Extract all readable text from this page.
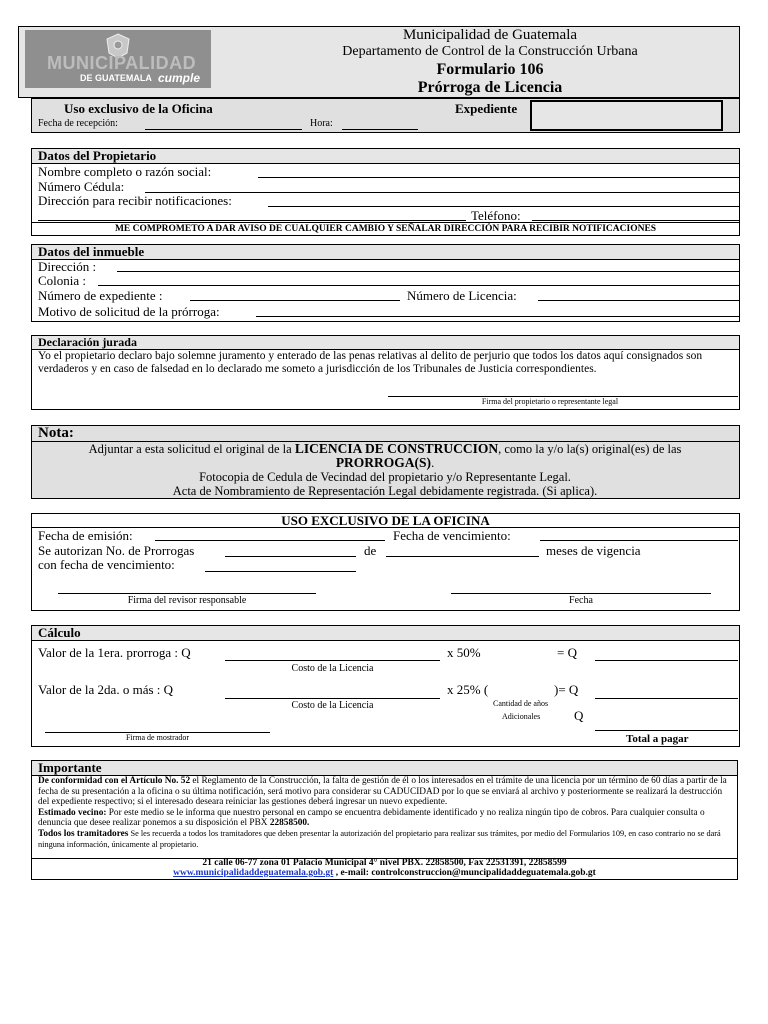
MUNICIPALIDAD
DE GUATEMALA cumple
Municipalidad de Guatemala
Departamento de Control de la Construcción Urbana
Formulario 106
Prórroga de Licencia
Uso exclusivo de la Oficina	Expediente
Fecha de recepción:	Hora:
Datos del Propietario
Nombre completo o razón social:
Número Cédula:
Dirección para recibir notificaciones:
Teléfono:
ME COMPROMETO A DAR AVISO DE CUALQUIER CAMBIO Y SEÑALAR DIRECCIÓN PARA RECIBIR NOTIFICACIONES
Datos del inmueble
Dirección :
Colonia :
Número de expediente :	Número de Licencia:
Motivo de solicitud de la prórroga:
Declaración jurada
Yo el propietario declaro bajo solemne juramento y enterado de las penas relativas al delito de perjurio que todos los datos aquí consignados son verdaderos y en caso de falsedad en lo declarado me someto a jurisdicción de los Tribunales de Justicia correspondientes.
Firma del propietario o representante legal
Nota:
Adjuntar a esta solicitud el original de la LICENCIA DE CONSTRUCCION, como la y/o la(s) original(es) de las PRORROGA(S).
Fotocopia de Cedula de Vecindad del propietario y/o Representante Legal.
Acta de Nombramiento de Representación Legal debidamente registrada. (Si aplica).
USO EXCLUSIVO DE LA OFICINA
Fecha de emisión:	Fecha de vencimiento:
Se autorizan No. de Prorrogas	de	meses de vigencia
con fecha de vencimiento:
Firma del revisor responsable	Fecha
Cálculo
Valor de la 1era. prorroga : Q	x 50%	= Q
Costo de la Licencia
Valor de la 2da. o más : Q	x 25% (	)= Q
Costo de la Licencia	Cantidad de años
Adicionales	Q
Firma de mostrador	Total a pagar
Importante
De conformidad con el Artículo No. 52 el Reglamento de la Construcción, la falta de gestión de él o los interesados en el trámite de una licencia por un término de 60 días a partir de la fecha de su presentación a la oficina o su última notificación, será motivo para considerar su CADUCIDAD por lo que se enviará al archivo y posteriormente se realizará la destrucción del expediente respectivo; si el interesado deseara reiniciar las gestiones deberá ingresar un nuevo expediente.
Estimado vecino: Por este medio se le informa que nuestro personal en campo se encuentra debidamente identificado y no realiza ningún tipo de cobros. Para cualquier consulta o denuncia que desee realizar ponemos a su disposición el PBX 22858500.
Todos los tramitadores Se les recuerda a todos los tramitadores que deben presentar la autorización del propietario para realizar sus trámites, por medio del Formularios 109, en caso contrario no se dará ninguna información, únicamente al propietario.
21 calle 06-77 zona 01 Palacio Municipal 4° nivel PBX. 22858500, Fax 22531391, 22858599
www.municipalidaddeguatemala.gob.gt , e-mail: controlconstruccion@muncipalidaddeguatemala.gob.gt
